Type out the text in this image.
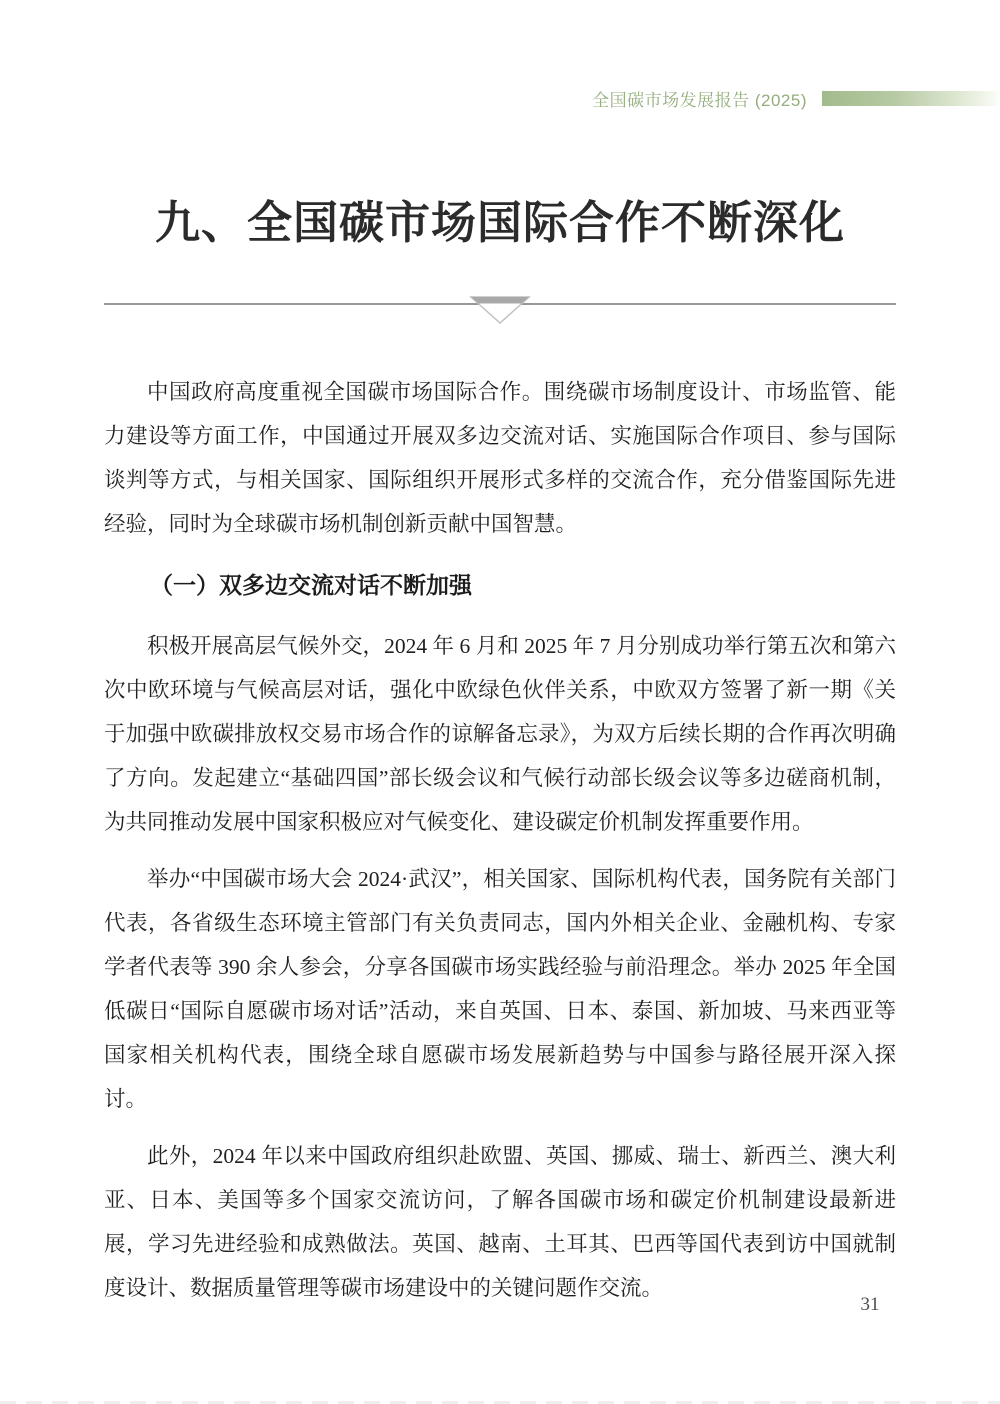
全国碳市场发展报告 (2025)
九、全国碳市场国际合作不断深化

中国政府高度重视全国碳市场国际合作。围绕碳市场制度设计、市场监管、能力建设等方面工作，中国通过开展双多边交流对话、实施国际合作项目、参与国际谈判等方式，与相关国家、国际组织开展形式多样的交流合作，充分借鉴国际先进经验，同时为全球碳市场机制创新贡献中国智慧。

（一）双多边交流对话不断加强

积极开展高层气候外交，2024 年 6 月和 2025 年 7 月分别成功举行第五次和第六次中欧环境与气候高层对话，强化中欧绿色伙伴关系，中欧双方签署了新一期《关于加强中欧碳排放权交易市场合作的谅解备忘录》，为双方后续长期的合作再次明确了方向。发起建立“基础四国”部长级会议和气候行动部长级会议等多边磋商机制，为共同推动发展中国家积极应对气候变化、建设碳定价机制发挥重要作用。

举办“中国碳市场大会 2024·武汉”，相关国家、国际机构代表，国务院有关部门代表，各省级生态环境主管部门有关负责同志，国内外相关企业、金融机构、专家学者代表等 390 余人参会，分享各国碳市场实践经验与前沿理念。举办 2025 年全国低碳日“国际自愿碳市场对话”活动，来自英国、日本、泰国、新加坡、马来西亚等国家相关机构代表，围绕全球自愿碳市场发展新趋势与中国参与路径展开深入探讨。

此外，2024 年以来中国政府组织赴欧盟、英国、挪威、瑞士、新西兰、澳大利亚、日本、美国等多个国家交流访问，了解各国碳市场和碳定价机制建设最新进展，学习先进经验和成熟做法。英国、越南、土耳其、巴西等国代表到访中国就制度设计、数据质量管理等碳市场建设中的关键问题作交流。

31
